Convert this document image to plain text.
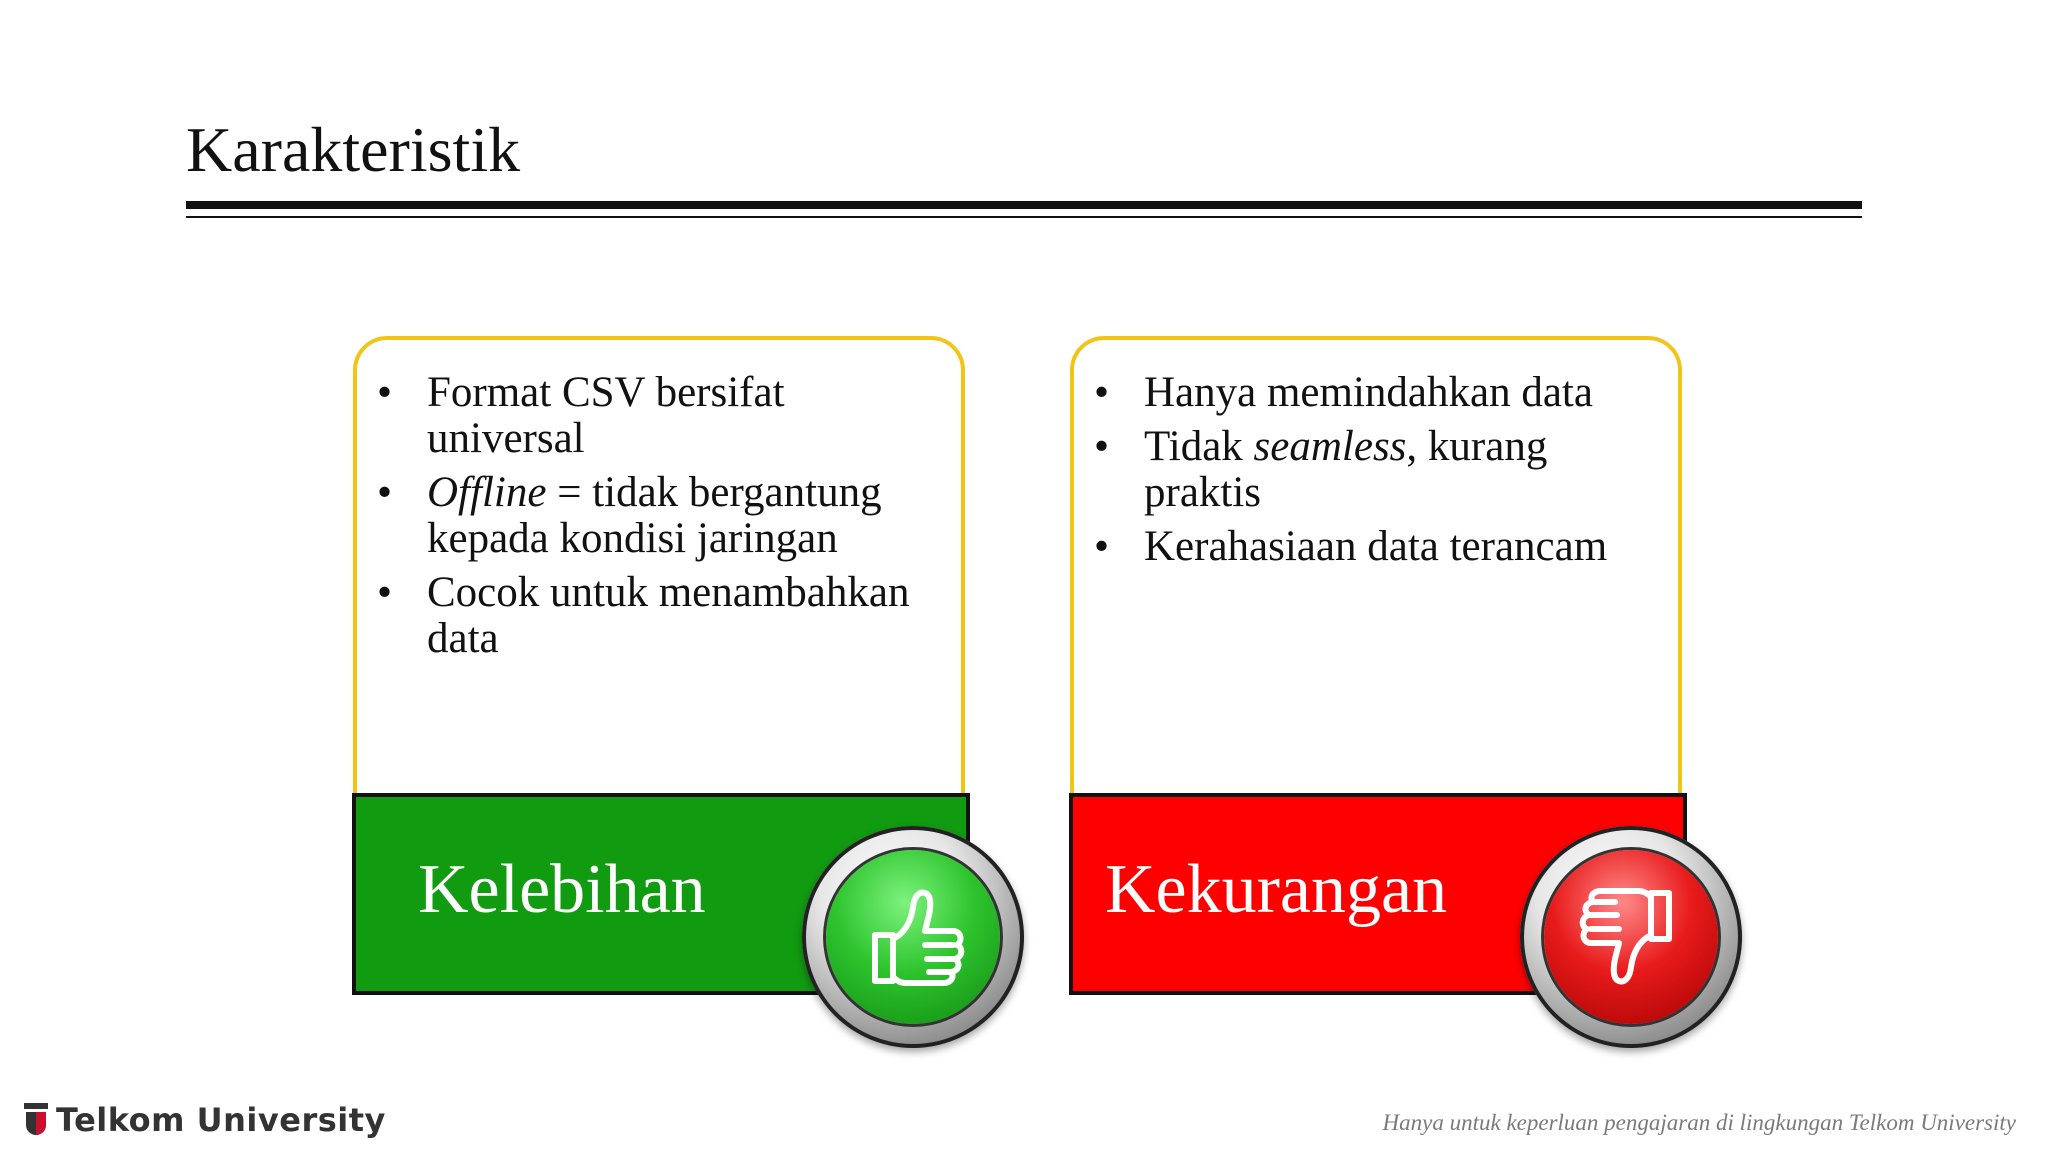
Karakteristik
• Format CSV bersifat universal
• Offline = tidak bergantung kepada kondisi jaringan
• Cocok untuk menambahkan data
Kelebihan
• Hanya memindahkan data
• Tidak seamless, kurang praktis
• Kerahasiaan data terancam
Kekurangan
Telkom University	Hanya untuk keperluan pengajaran di lingkungan Telkom University
